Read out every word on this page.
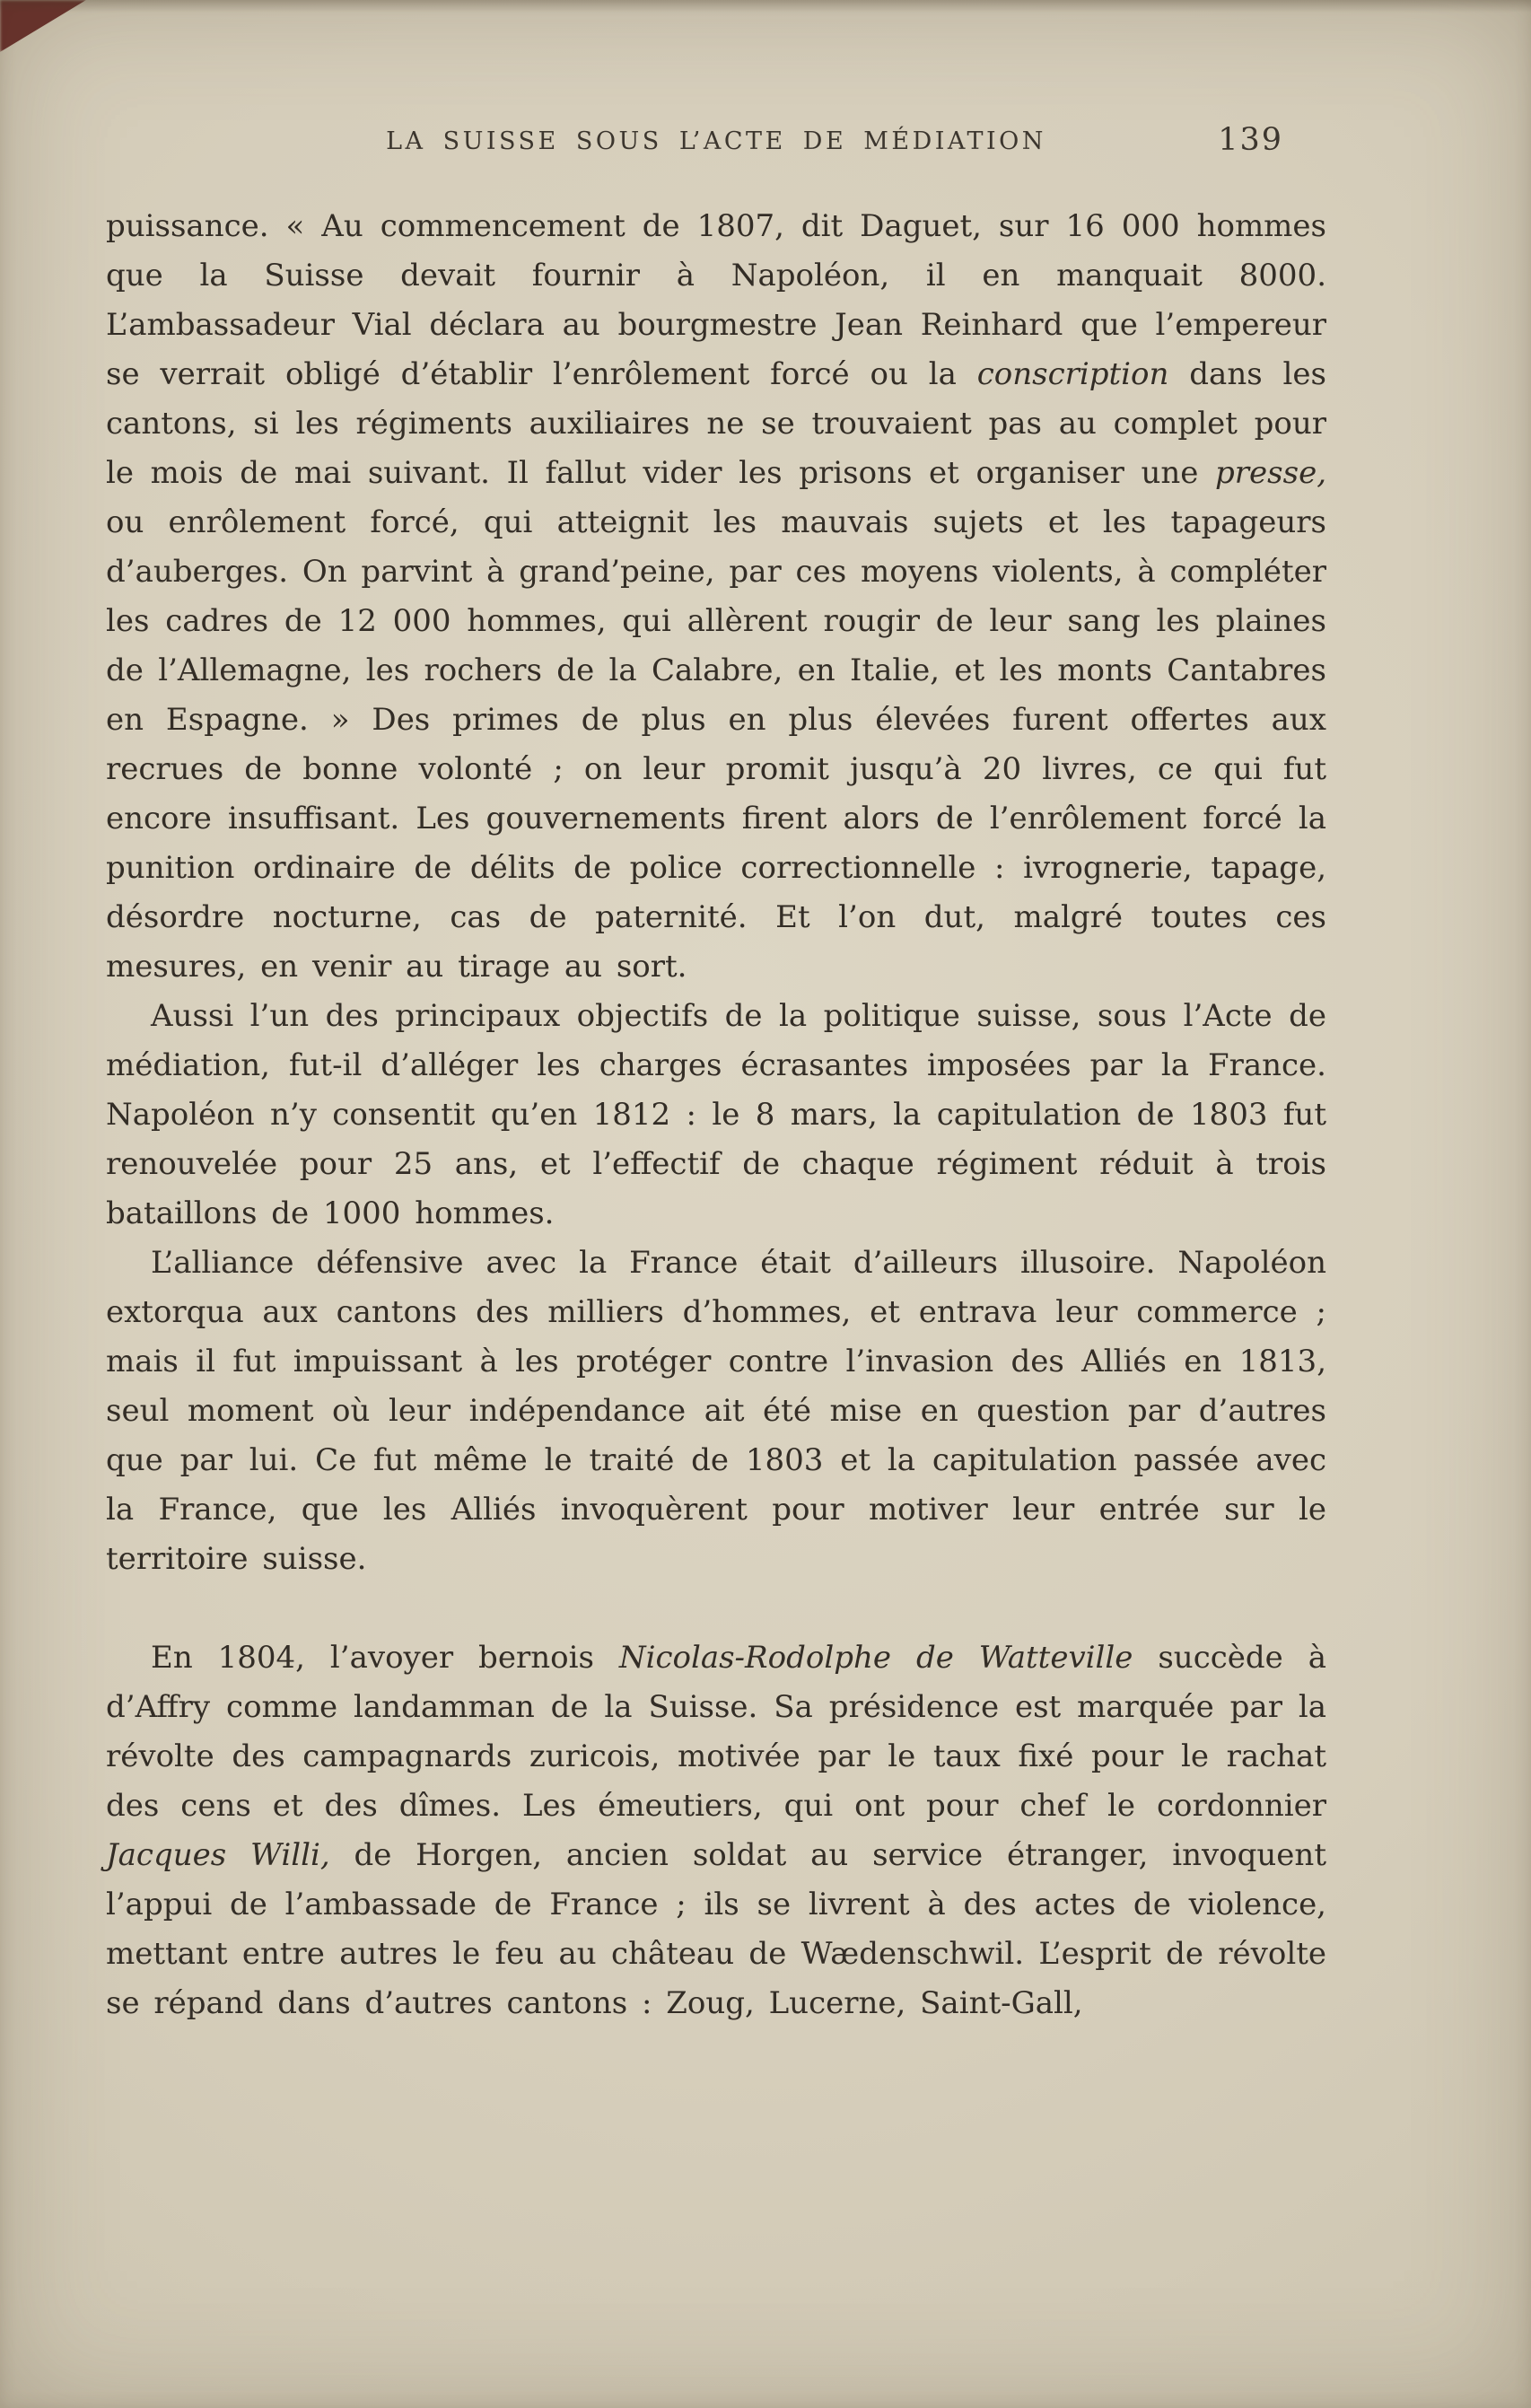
LA SUISSE SOUS L’ACTE DE MÉDIATION	139

puissance. « Au commencement de 1807, dit Daguet, sur 16 000 hommes que la Suisse devait fournir à Napoléon, il en manquait 8000. L’ambassadeur Vial déclara au bourgmestre Jean Reinhard que l’empereur se verrait obligé d’établir l’enrôlement forcé ou la conscription dans les cantons, si les régiments auxiliaires ne se trouvaient pas au complet pour le mois de mai suivant. Il fallut vider les prisons et organiser une presse, ou enrôlement forcé, qui atteignit les mauvais sujets et les tapageurs d’auberges. On parvint à grand’peine, par ces moyens violents, à compléter les cadres de 12 000 hommes, qui allèrent rougir de leur sang les plaines de l’Allemagne, les rochers de la Calabre, en Italie, et les monts Cantabres en Espagne. » Des primes de plus en plus élevées furent offertes aux recrues de bonne volonté ; on leur promit jusqu’à 20 livres, ce qui fut encore insuffisant. Les gouvernements firent alors de l’enrôlement forcé la punition ordinaire de délits de police correctionnelle : ivrognerie, tapage, désordre nocturne, cas de paternité. Et l’on dut, malgré toutes ces mesures, en venir au tirage au sort.

Aussi l’un des principaux objectifs de la politique suisse, sous l’Acte de médiation, fut-il d’alléger les charges écrasantes imposées par la France. Napoléon n’y consentit qu’en 1812 : le 8 mars, la capitulation de 1803 fut renouvelée pour 25 ans, et l’effectif de chaque régiment réduit à trois bataillons de 1000 hommes.

L’alliance défensive avec la France était d’ailleurs illusoire. Napoléon extorqua aux cantons des milliers d’hommes, et entrava leur commerce ; mais il fut impuissant à les protéger contre l’invasion des Alliés en 1813, seul moment où leur indépendance ait été mise en question par d’autres que par lui. Ce fut même le traité de 1803 et la capitulation passée avec la France, que les Alliés invoquèrent pour motiver leur entrée sur le territoire suisse.

En 1804, l’avoyer bernois Nicolas-Rodolphe de Watteville succède à d’Affry comme landamman de la Suisse. Sa présidence est marquée par la révolte des campagnards zuricois, motivée par le taux fixé pour le rachat des cens et des dîmes. Les émeutiers, qui ont pour chef le cordonnier Jacques Willi, de Horgen, ancien soldat au service étranger, invoquent l’appui de l’ambassade de France ; ils se livrent à des actes de violence, mettant entre autres le feu au château de Wædenschwil. L’esprit de révolte se répand dans d’autres cantons : Zoug, Lucerne, Saint-Gall,
